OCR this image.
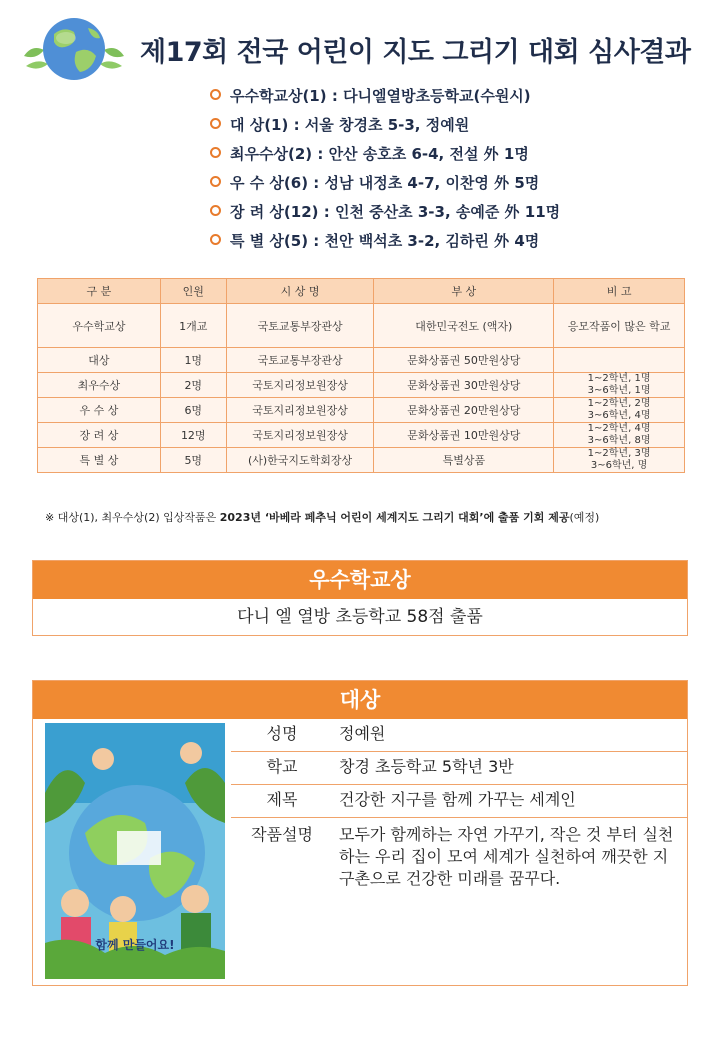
제17회 전국 어린이 지도 그리기 대회 심사결과
우수학교상(1) : 다니엘열방초등학교(수원시)
대 상(1) : 서울 창경초 5-3, 정예원
최우수상(2) : 안산 송호초 6-4, 전설 外 1명
우 수 상(6) : 성남 내정초 4-7, 이찬영 外 5명
장 려 상(12) : 인천 중산초 3-3, 송예준 外 11명
특 별 상(5) : 천안 백석초 3-2, 김하린 外 4명
구 분	인원	시 상 명	부 상	비 고
우수학교상	1개교	국토교통부장관상	대한민국전도 (액자)	응모작품이 많은 학교
대상	1명	국토교통부장관상	문화상품권 50만원상당	
최우수상	2명	국토지리정보원장상	문화상품권 30만원상당	1~2학년, 1명
3~6학년, 1명

우 수 상	6명	국토지리정보원장상	문화상품권 20만원상당	1~2학년, 2명
3~6학년, 4명

장 려 상	12명	국토지리정보원장상	문화상품권 10만원상당	1~2학년, 4명
3~6학년, 8명

특 별 상	5명	(사)한국지도학회장상	특별상품	1~2학년, 3명
3~6학년, 명
※ 대상(1), 최우수상(2) 입상작품은 2023년 ‘바베라 페추닉 어린이 세계지도 그리기 대회’에 출품 기회 제공(예정)
우수학교상
다니 엘 열방 초등학교 58점 출품
대상
함께 만들어요!
성명	정예원
학교	창경 초등학교 5학년 3반
제목	건강한 지구를 함께 가꾸는 세계인
작품설명	모두가 함께하는 자연 가꾸기, 작은 것 부터 실천하는 우리 집이 모여 세계가 실천하여 깨끗한 지구촌으로 건강한 미래를 꿈꾸다.
